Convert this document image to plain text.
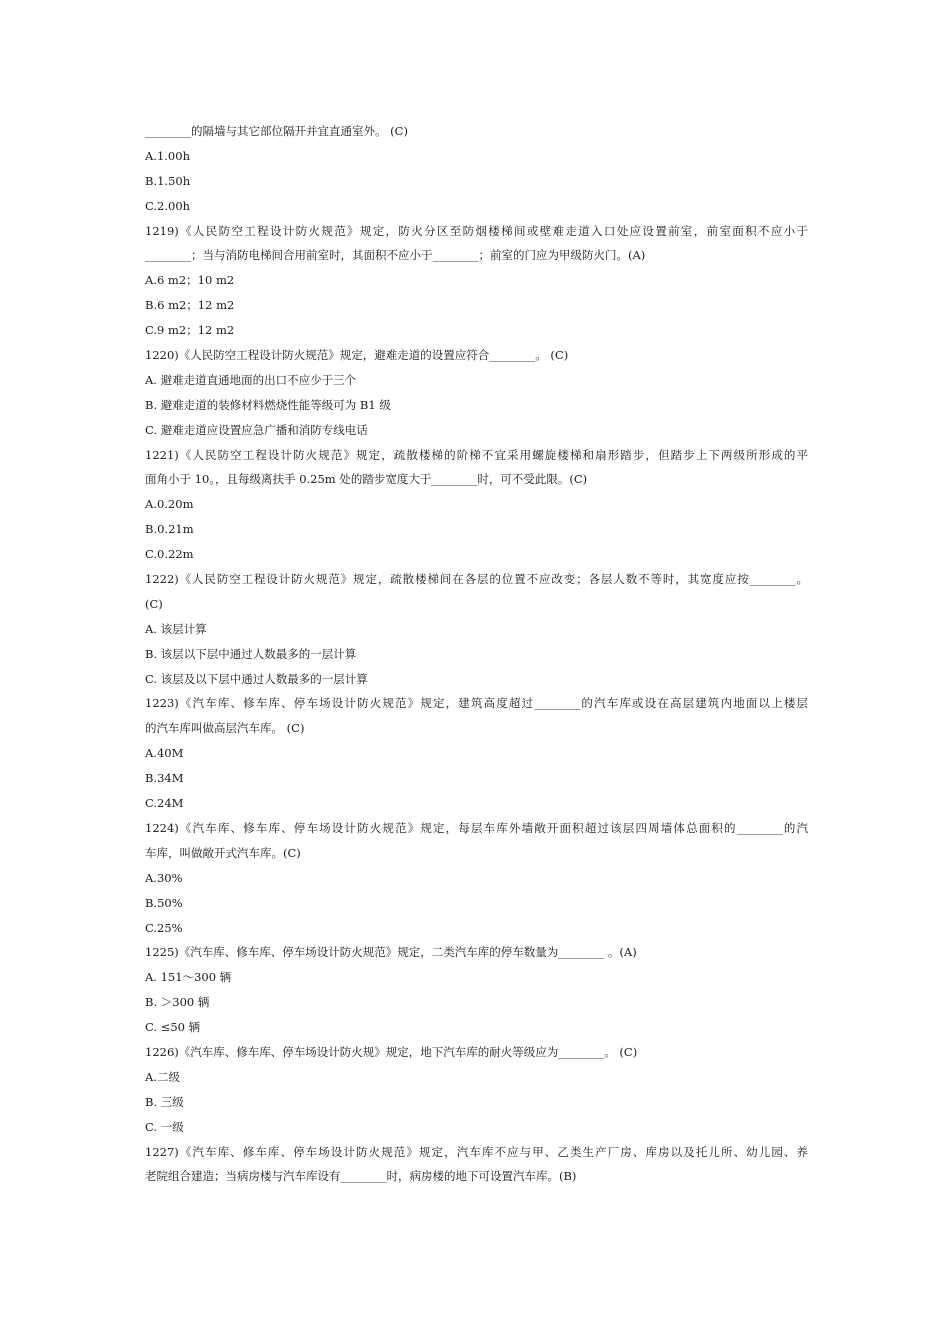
________的隔墙与其它部位隔开并宜直通室外。 (C)
A.1.00h
B.1.50h
C.2.00h
1219)《人民防空工程设计防火规范》规定，防火分区至防烟楼梯间或壁难走道入口处应设置前室，前室面积不应小于
________；当与消防电梯间合用前室时，其面积不应小于________；前室的门应为甲级防火门。(A)
A.6 m2；10 m2
B.6 m2；12 m2
C.9 m2；12 m2
1220)《人民防空工程设计防火规范》规定，避难走道的设置应符合________。 (C)
A. 避难走道直通地面的出口不应少于三个
B. 避难走道的装修材料燃烧性能等级可为 B1 级
C. 避难走道应设置应急广播和消防专线电话
1221)《人民防空工程设计防火规范》规定，疏散楼梯的阶梯不宜采用螺旋楼梯和扇形踏步，但踏步上下两级所形成的平
面角小于 10。，且每级离扶手 0.25m 处的踏步宽度大于________时，可不受此限。(C)
A.0.20m
B.0.21m
C.0.22m
1222)《人民防空工程设计防火规范》规定，疏散楼梯间在各层的位置不应改变；各层人数不等时，其宽度应按________。
(C)
A. 该层计算
B. 该层以下层中通过人数最多的一层计算
C. 该层及以下层中通过人数最多的一层计算
1223)《汽车库、修车库、停车场设计防火规范》规定，建筑高度超过________的汽车库或设在高层建筑内地面以上楼层
的汽车库叫做高层汽车库。 (C)
A.40M
B.34M
C.24M
1224)《汽车库、修车库、停车场设计防火规范》规定，每层车库外墙敞开面积超过该层四周墙体总面积的________的汽
车库，叫做敞开式汽车库。(C)
A.30%
B.50%
C.25%
1225)《汽车库、修车库、停车场设计防火规范》规定，二类汽车库的停车数量为________ 。(A)
A. 151～300 辆
B. ＞300 辆
C. ≤50 辆
1226)《汽车库、修车库、停车场设计防火规》规定，地下汽车库的耐火等级应为________。 (C)
A.二级
B. 三级
C. 一级
1227)《汽车库、修车库、停车场设计防火规范》规定，汽车库不应与甲、乙类生产厂房、库房以及托儿所、幼儿园、养
老院组合建造；当病房楼与汽车库设有________时，病房楼的地下可设置汽车库。(B)
